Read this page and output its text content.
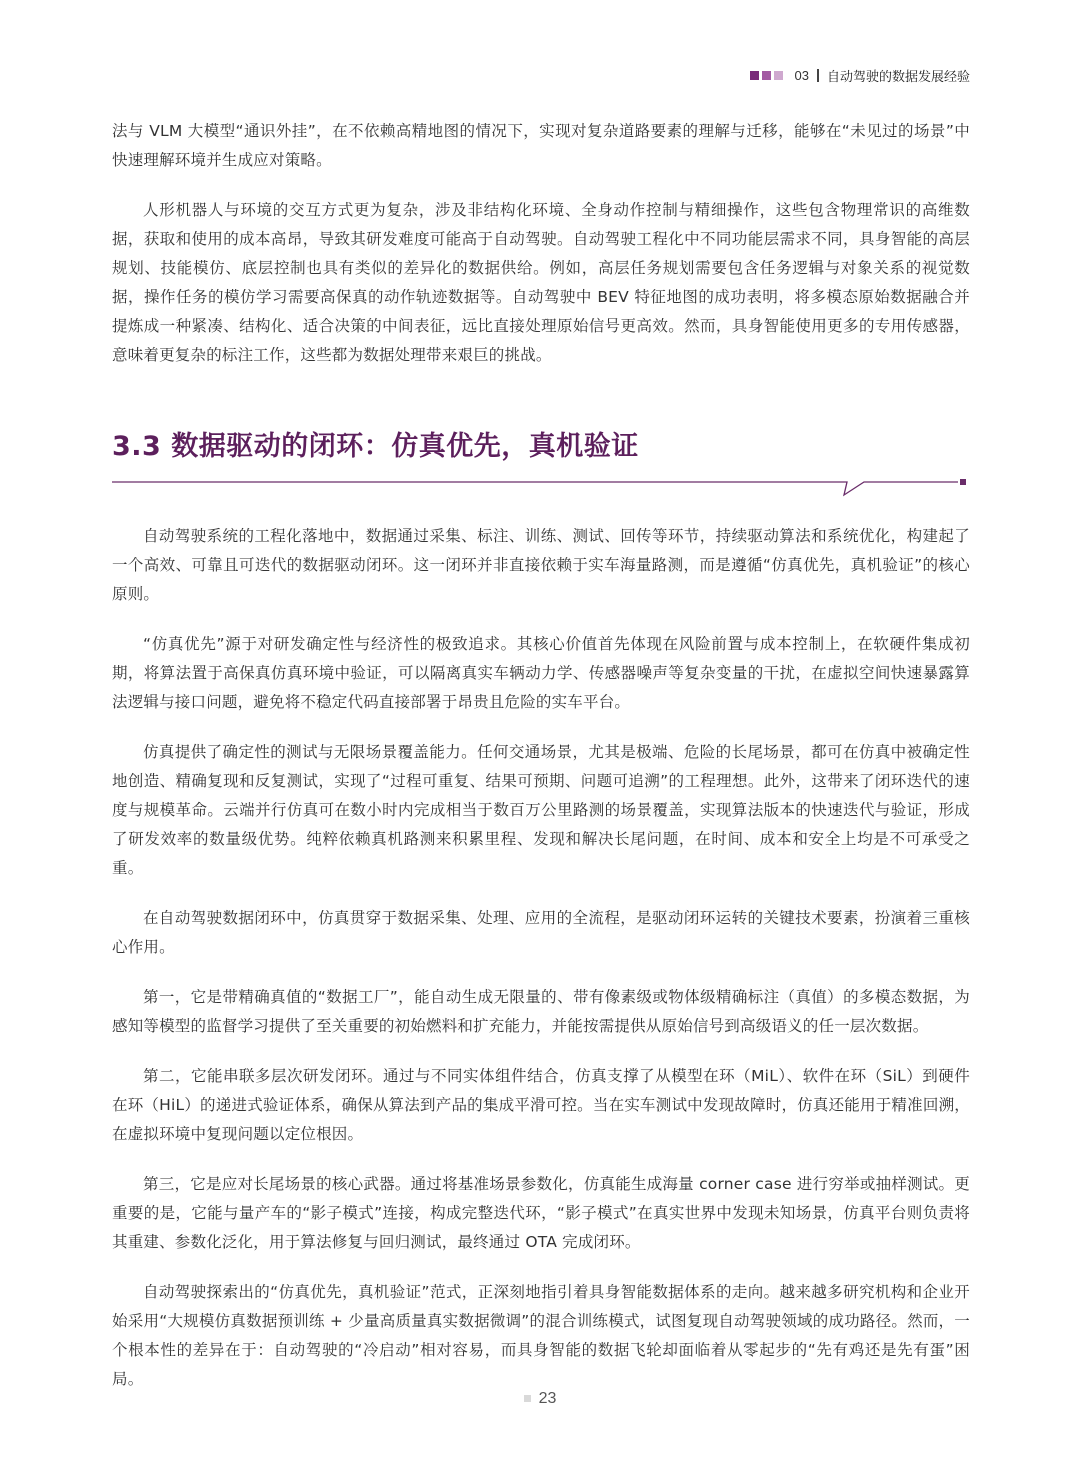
03 自动驾驶的数据发展经验

法与 VLM 大模型“通识外挂”，在不依赖高精地图的情况下，实现对复杂道路要素的理解与迁移，能够在“未见过的场景”中快速理解环境并生成应对策略。

人形机器人与环境的交互方式更为复杂，涉及非结构化环境、全身动作控制与精细操作，这些包含物理常识的高维数据，获取和使用的成本高昂，导致其研发难度可能高于自动驾驶。自动驾驶工程化中不同功能层需求不同，具身智能的高层规划、技能模仿、底层控制也具有类似的差异化的数据供给。例如，高层任务规划需要包含任务逻辑与对象关系的视觉数据，操作任务的模仿学习需要高保真的动作轨迹数据等。自动驾驶中 BEV 特征地图的成功表明，将多模态原始数据融合并提炼成一种紧凑、结构化、适合决策的中间表征，远比直接处理原始信号更高效。然而，具身智能使用更多的专用传感器，意味着更复杂的标注工作，这些都为数据处理带来艰巨的挑战。

3.3 数据驱动的闭环：仿真优先，真机验证

自动驾驶系统的工程化落地中，数据通过采集、标注、训练、测试、回传等环节，持续驱动算法和系统优化，构建起了一个高效、可靠且可迭代的数据驱动闭环。这一闭环并非直接依赖于实车海量路测，而是遵循“仿真优先，真机验证”的核心原则。

“仿真优先”源于对研发确定性与经济性的极致追求。其核心价值首先体现在风险前置与成本控制上，在软硬件集成初期，将算法置于高保真仿真环境中验证，可以隔离真实车辆动力学、传感器噪声等复杂变量的干扰，在虚拟空间快速暴露算法逻辑与接口问题，避免将不稳定代码直接部署于昂贵且危险的实车平台。

仿真提供了确定性的测试与无限场景覆盖能力。任何交通场景，尤其是极端、危险的长尾场景，都可在仿真中被确定性地创造、精确复现和反复测试，实现了“过程可重复、结果可预期、问题可追溯”的工程理想。此外，这带来了闭环迭代的速度与规模革命。云端并行仿真可在数小时内完成相当于数百万公里路测的场景覆盖，实现算法版本的快速迭代与验证，形成了研发效率的数量级优势。纯粹依赖真机路测来积累里程、发现和解决长尾问题，在时间、成本和安全上均是不可承受之重。

在自动驾驶数据闭环中，仿真贯穿于数据采集、处理、应用的全流程，是驱动闭环运转的关键技术要素，扮演着三重核心作用。

第一，它是带精确真值的“数据工厂”，能自动生成无限量的、带有像素级或物体级精确标注（真值）的多模态数据，为感知等模型的监督学习提供了至关重要的初始燃料和扩充能力，并能按需提供从原始信号到高级语义的任一层次数据。

第二，它能串联多层次研发闭环。通过与不同实体组件结合，仿真支撑了从模型在环（MiL）、软件在环（SiL）到硬件在环（HiL）的递进式验证体系，确保从算法到产品的集成平滑可控。当在实车测试中发现故障时，仿真还能用于精准回溯，在虚拟环境中复现问题以定位根因。

第三，它是应对长尾场景的核心武器。通过将基准场景参数化，仿真能生成海量 corner case 进行穷举或抽样测试。更重要的是，它能与量产车的“影子模式”连接，构成完整迭代环，“影子模式”在真实世界中发现未知场景，仿真平台则负责将其重建、参数化泛化，用于算法修复与回归测试，最终通过 OTA 完成闭环。

自动驾驶探索出的“仿真优先，真机验证”范式，正深刻地指引着具身智能数据体系的走向。越来越多研究机构和企业开始采用“大规模仿真数据预训练 + 少量高质量真实数据微调”的混合训练模式，试图复现自动驾驶领域的成功路径。然而，一个根本性的差异在于：自动驾驶的“冷启动”相对容易，而具身智能的数据飞轮却面临着从零起步的“先有鸡还是先有蛋”困局。

23
